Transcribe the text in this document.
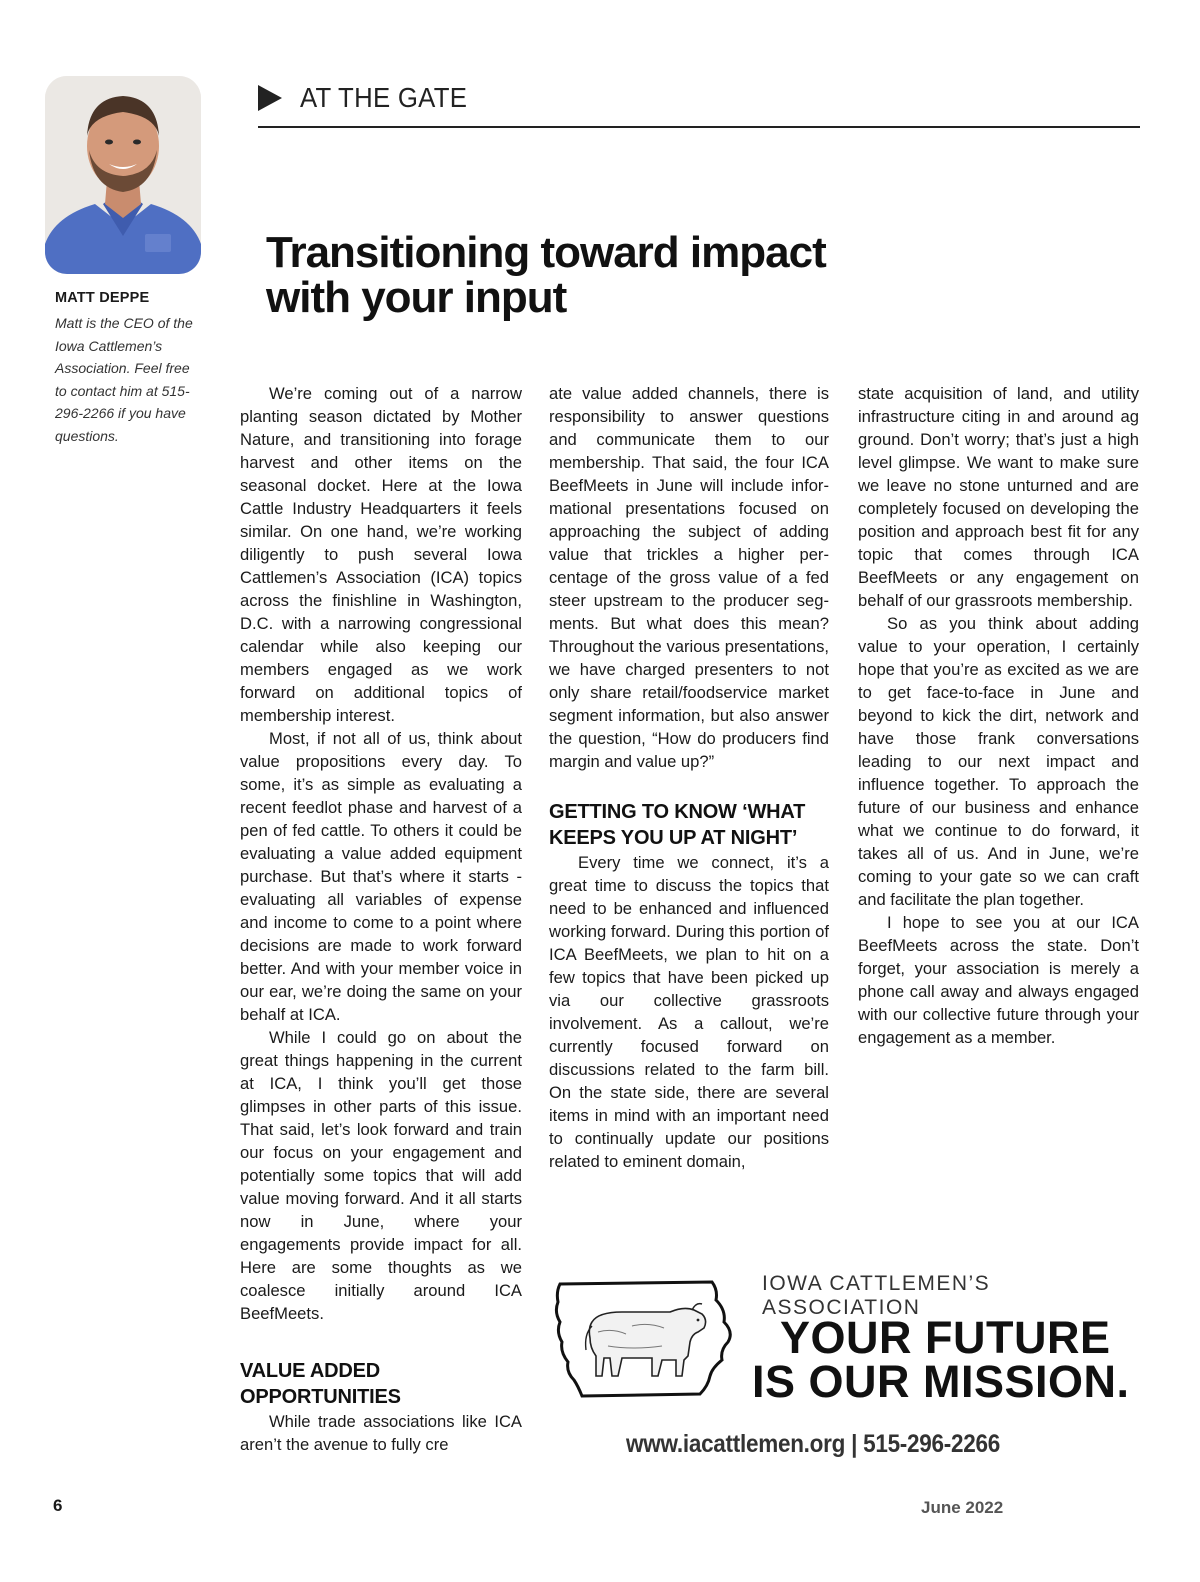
MATT DEPPE
Matt is the CEO of the Iowa Cattlemen’s Association. Feel free to contact him at 515-296-2266 if you have questions.
AT THE GATE
Transitioning toward impact
with your input

We’re coming out of a narrow planting season dictated by Mother Nature, and transitioning into forage harvest and other items on the seasonal docket. Here at the Iowa Cattle Industry Headquarters it feels similar. On one hand, we’re working diligently to push several Iowa Cattlemen’s Association (ICA) topics across the finishline in Washington, D.C. with a narrowing congressional calendar while also keeping our members engaged as we work forward on additional topics of membership interest.

Most, if not all of us, think about value propositions every day. To some, it’s as simple as evaluating a recent feedlot phase and harvest of a pen of fed cattle. To others it could be evaluating a value added equipment purchase. But that’s where it starts - evaluating all variables of expense and income to come to a point where decisions are made to work forward better. And with your member voice in our ear, we’re doing the same on your behalf at ICA.

While I could go on about the great things happening in the current at ICA, I think you’ll get those glimpses in other parts of this issue. That said, let’s look forward and train our focus on your engagement and potentially some topics that will add value moving forward. And it all starts now in June, where your engagements provide impact for all. Here are some thoughts as we coalesce initially around ICA BeefMeets.

VALUE ADDED OPPORTUNITIES

While trade associations like ICA aren’t the avenue to fully cre

ate value added channels, there is responsibility to answer questions and communicate them to our membership. That said, the four ICA BeefMeets in June will include informational presentations focused on approaching the subject of adding value that trickles a higher percentage of the gross value of a fed steer upstream to the producer segments. But what does this mean? Throughout the various presentations, we have charged presenters to not only share retail/foodservice market segment information, but also answer the question, “How do producers find margin and value up?”

GETTING TO KNOW ‘WHAT KEEPS YOU UP AT NIGHT’

Every time we connect, it’s a great time to discuss the topics that need to be enhanced and influenced working forward. During this portion of ICA BeefMeets, we plan to hit on a few topics that have been picked up via our collective grassroots involvement. As a callout, we’re currently focused forward on discussions related to the farm bill. On the state side, there are several items in mind with an important need to continually update our positions related to eminent domain,

state acquisition of land, and utility infrastructure citing in and around ag ground. Don’t worry; that’s just a high level glimpse. We want to make sure we leave no stone unturned and are completely focused on developing the position and approach best fit for any topic that comes through ICA BeefMeets or any engagement on behalf of our grassroots membership.

So as you think about adding value to your operation, I certainly hope that you’re as excited as we are to get face-to-face in June and beyond to kick the dirt, network and have those frank conversations leading to our next impact and influence together. To approach the future of our business and enhance what we continue to do forward, it takes all of us. And in June, we’re coming to your gate so we can craft and facilitate the plan together.

I hope to see you at our ICA BeefMeets across the state. Don’t forget, your association is merely a phone call away and always engaged with our collective future through your engagement as a member.

IOWA CATTLEMEN’S ASSOCIATION
YOUR FUTURE
IS OUR MISSION.
www.iacattlemen.org | 515-296-2266
6	June 2022
